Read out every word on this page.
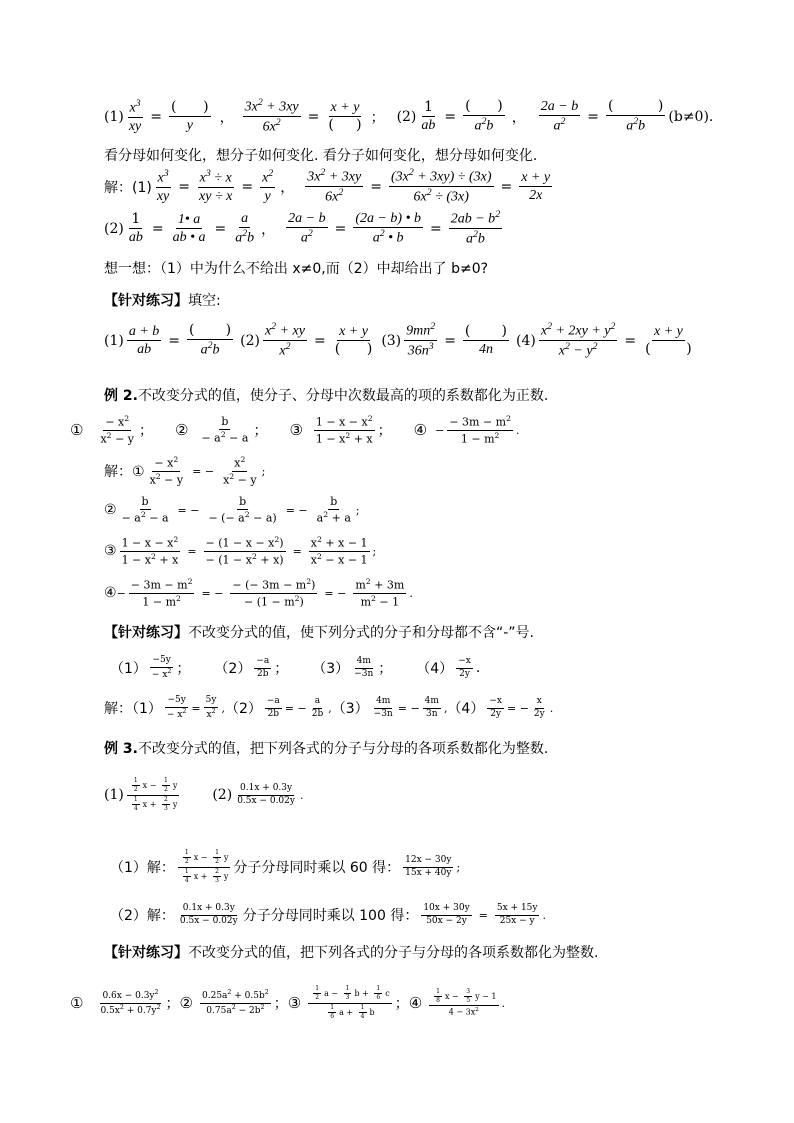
$(1) \frac{x^3}{xy} = \frac{( )}{y}$ ， $\frac{3x^2 + 3xy}{6x^2} = \frac{x + y}{( )}$ ； $(2) \frac{1}{ab} = \frac{( )}{a^2b}$ ， $\frac{2a - b}{a^2} = \frac{( )}{a^2b} (b\ne 0)$.
看分母如何变化，想分子如何变化. 看分子如何变化，想分母如何变化.
解：$(1) \frac{x^3}{xy} = \frac{x^3 \div x}{xy \div x} = \frac{x^2}{y}$ ， $\frac{3x^2 + 3xy}{6x^2} = \frac{(3x^2 + 3xy) \div (3x)}{6x^2 \div (3x)} = \frac{x + y}{2x}$
$(2) \frac{1}{ab} = \frac{1• a}{ab • a} = \frac{a}{a^2b}$ ， $\frac{2a - b}{a^2} = \frac{(2a - b) • b}{a^2 • b} = \frac{2ab - b^2}{a^2b}$
想一想：（1）中为什么不给出 x≠0,而（2）中却给出了 b≠0?
【针对练习】 填空:
$(1) \frac{a + b}{ab} = \frac{( )}{a^2b} (2) \frac{x^2 + xy}{x^2} = \frac{x + y}{( )} (3) \frac{9mn^2}{36n^3} = \frac{( )}{4n} (4) \frac{x^2 + 2xy + y^2}{x^2 - y^2} = \frac{x + y}{( )}$
例 2. 不改变分式的值，使分子、分母中次数最高的项的系数都化为正数.
① $\frac{- x^2}{x^2 - y}$ ； ② $\frac{b}{- a^2 - a}$ ； ③ $\frac{1 - x - x^2}{1 - x^2 + x}$ ； ④ − $\frac{- 3m - m^2}{1 - m^2}$ .
解：① $\frac{- x^2}{x^2 - y}$ = − $\frac{x^2}{x^2 - y}$ ;
② $\frac{b}{- a^2 - a}$ = − $\frac{b}{- (- a^2 - a)}$ = − $\frac{b}{a^2 + a}$ ;
③ $\frac{1 - x - x^2}{1 - x^2 + x} = \frac{- (1 - x - x^2)}{- (1 - x^2 + x)} = \frac{x^2 + x - 1}{x^2 - x - 1}$ ;
④ − $\frac{- 3m - m^2}{1 - m^2}$ = − $\frac{- (- 3m - m^2)}{- (1 - m^2)}$ = − $\frac{m^2 + 3m}{m^2 - 1}$ .
【针对练习】 不改变分式的值，使下列分式的分子和分母都不含“-”号.
$(1) \frac{-5y}{- x^2}$ ； $(2) \frac{-a}{2b}$ ； $(3) \frac{4m}{-3n}$ ； $(4) \frac{-x}{2y}$ .
解：$(1) \frac{-5y}{- x^2} = \frac{5y}{x^2}$ , $(2) \frac{-a}{2b}$ = − $\frac{a}{2b}$ , $(3) \frac{4m}{-3n}$ = − $\frac{4m}{3n}$ , $(4) \frac{-x}{2y}$ = − $\frac{x}{2y}$ .
例 3. 不改变分式的值，把下列各式的分子与分母的各项系数都化为整数.
$(1) \frac{\frac{1}{2} x - \frac{1}{2} y}{\frac{1}{4} x + \frac{2}{3} y} (2) \frac{0.1x + 0.3y}{0.5x - 0.02y}$ .
（1）解： $\frac{\frac{1}{2} x - \frac{1}{2} y}{\frac{1}{4} x + \frac{2}{3} y}$ 分子分母同时乘以 60 得： $\frac{12x - 30y}{15x + 40y}$ ;
（2）解： $\frac{0.1x + 0.3y}{0.5x - 0.02y}$ 分子分母同时乘以 100 得： $\frac{10x + 30y}{50x - 2y} = \frac{5x + 15y}{25x - y}$ .
【针对练习】 不改变分式的值，把下列各式的分子与分母的各项系数都化为整数.
① $\frac{0.6x - 0.3y^2}{0.5x^2 + 0.7y^2}$ ； ② $\frac{0.25a^2 + 0.5b^2}{0.75a^2 - 2b^2}$ ； ③ $\frac{\frac{1}{2} a - \frac{1}{3} b + \frac{1}{6} c}{\frac{1}{6} a + \frac{1}{4} b}$ ； ④ $\frac{\frac{1}{8} x - \frac{3}{5} y - 1}{4 - 3x^2}$ .
